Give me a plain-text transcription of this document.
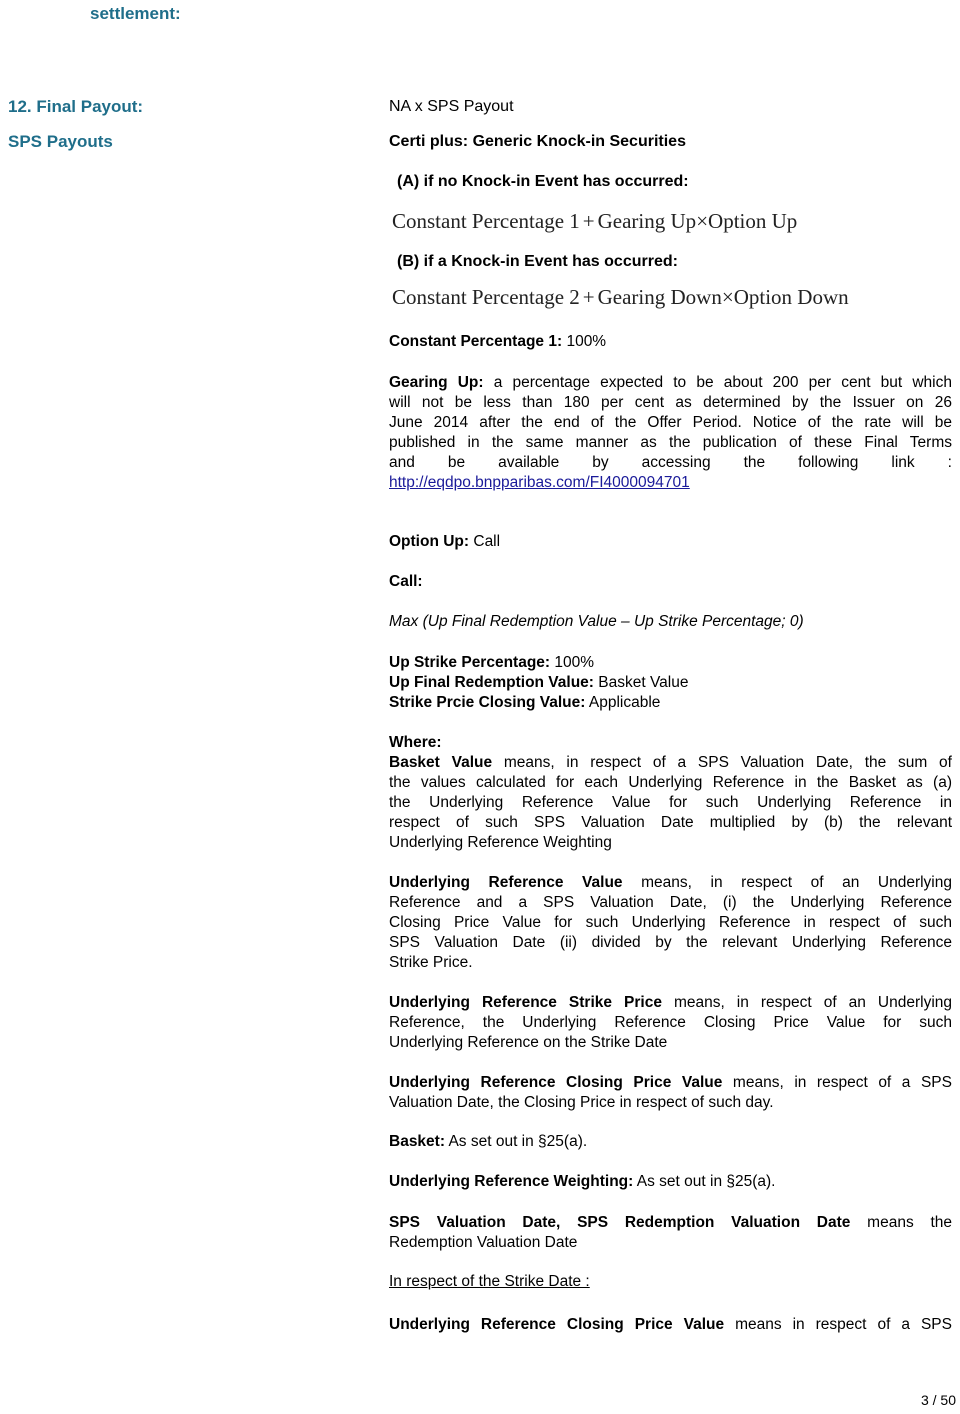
settlement:
12. Final Payout:
SPS Payouts
NA x SPS Payout
Certi plus: Generic Knock-in Securities
(A) if no Knock-in Event has occurred:
Constant Percentage 1 + Gearing Up×Option Up
(B) if a Knock-in Event has occurred:
Constant Percentage 2 + Gearing Down×Option Down
Constant Percentage 1: 100%
Gearing Up: a percentage expected to be about 200 per cent but which
will not be less than 180 per cent as determined by the Issuer on 26
June 2014 after the end of the Offer Period. Notice of the rate will be
published in the same manner as the publication of these Final Terms
and be available by accessing the following link :
http://eqdpo.bnpparibas.com/FI4000094701
Option Up: Call
Call:
Max (Up Final Redemption Value – Up Strike Percentage; 0)
Up Strike Percentage: 100%
Up Final Redemption Value: Basket Value
Strike Prcie Closing Value: Applicable
Where:
Basket Value means, in respect of a SPS Valuation Date, the sum of
the values calculated for each Underlying Reference in the Basket as (a)
the Underlying Reference Value for such Underlying Reference in
respect of such SPS Valuation Date multiplied by (b) the relevant
Underlying Reference Weighting
Underlying Reference Value means, in respect of an Underlying
Reference and a SPS Valuation Date, (i) the Underlying Reference
Closing Price Value for such Underlying Reference in respect of such
SPS Valuation Date (ii) divided by the relevant Underlying Reference
Strike Price.
Underlying Reference Strike Price means, in respect of an Underlying
Reference, the Underlying Reference Closing Price Value for such
Underlying Reference on the Strike Date
Underlying Reference Closing Price Value means, in respect of a SPS
Valuation Date, the Closing Price in respect of such day.
Basket: As set out in §25(a).
Underlying Reference Weighting: As set out in §25(a).
SPS Valuation Date, SPS Redemption Valuation Date means the
Redemption Valuation Date
In respect of the Strike Date :
Underlying Reference Closing Price Value means in respect of a SPS
3 / 50
